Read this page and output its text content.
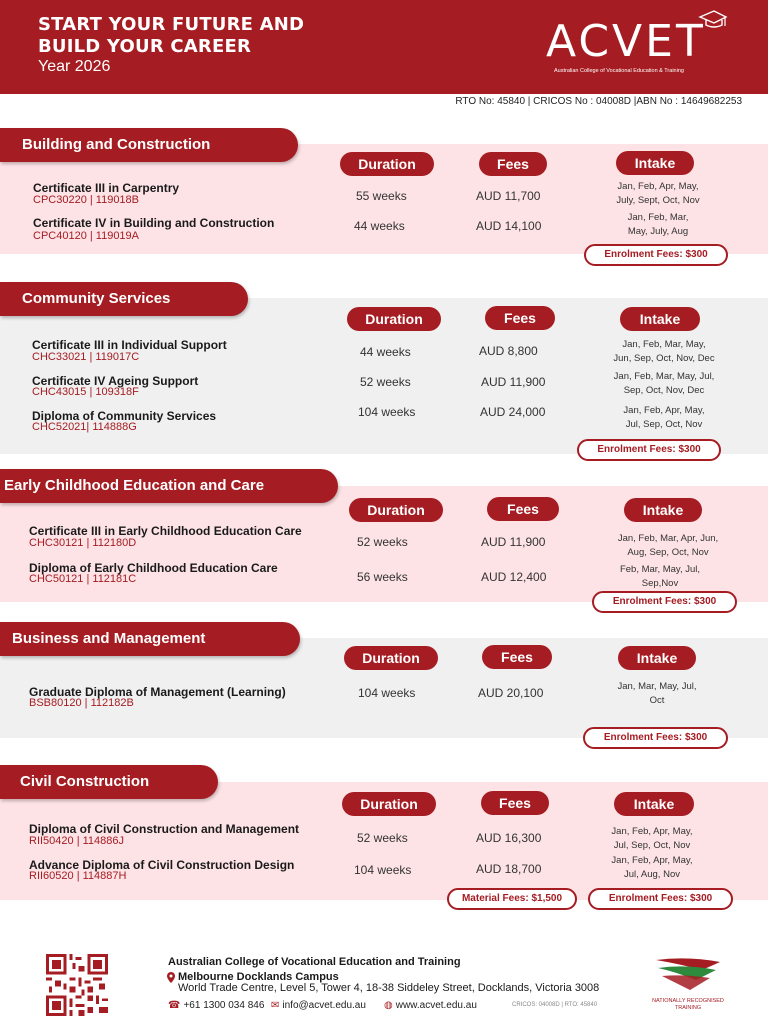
START YOUR FUTURE AND
BUILD YOUR CAREER
Year 2026	ACVET
Australian College of Vocational Education & Training
RTO No: 45840 | CRICOS No : 04008D |ABN No : 14649682253
Building and Construction
Duration	Fees	Intake
Certificate III in Carpentry
CPC30220 | 119018B	55 weeks	AUD 11,700
Jan, Feb, Apr, May,
July, Sept, Oct, Nov
Certificate IV in Building and Construction
CPC40120 | 119019A
44 weeks	AUD 14,100
Jan, Feb, Mar,
May, July, Aug
Enrolment Fees: $300
Community Services
Duration	Fees	Intake
Certificate III in Individual Support
CHC33021 | 119017C	44 weeks	AUD 8,800	Jan, Feb, Mar, May,
Jun, Sep, Oct, Nov, Dec
Certificate IV Ageing Support
CHC43015 | 109318F
52 weeks	AUD 11,900	Jan, Feb, Mar, May, Jul,
Sep, Oct, Nov, Dec
Diploma of Community Services
CHC52021| 114888G
104 weeks	AUD 24,000	Jan, Feb, Apr, May,
Jul, Sep, Oct, Nov
Enrolment Fees: $300
Early Childhood Education and Care
Duration	Fees	Intake
Certificate III in Early Childhood Education Care
CHC30121 | 112180D	52 weeks	AUD 11,900	Jan, Feb, Mar, Apr, Jun,
Aug, Sep, Oct, Nov
Diploma of Early Childhood Education Care
CHC50121 | 112181C	56 weeks	AUD 12,400
Feb, Mar, May, Jul,
Sep,Nov
Enrolment Fees: $300
Business and Management
Duration	Fees	Intake
Graduate Diploma of Management (Learning)
BSB80120 | 112182B
104 weeks	AUD 20,100	Jan, Mar, May, Jul,
Oct
Enrolment Fees: $300
Civil Construction
Duration	Fees	Intake
Diploma of Civil Construction and Management
RII50420 | 114886J	52 weeks	AUD 16,300	Jan, Feb, Apr, May,
Jul, Sep, Oct, Nov
Advance Diploma of Civil Construction Design
RII60520 | 114887H	104 weeks	AUD 18,700
Jan, Feb, Apr, May,
Jul, Aug, Nov
Material Fees: $1,500	Enrolment Fees: $300
Australian College of Vocational Education and Training
Melbourne Docklands Campus
World Trade Centre, Level 5, Tower 4, 18-38 Siddeley Street, Docklands, Victoria 3008
☎ +61 1300 034 846 ✉ info@acvet.edu.au ◍ www.acvet.edu.au	CRICOS: 04008D | RTO: 45840
NATIONALLY RECOGNISED
TRAINING
